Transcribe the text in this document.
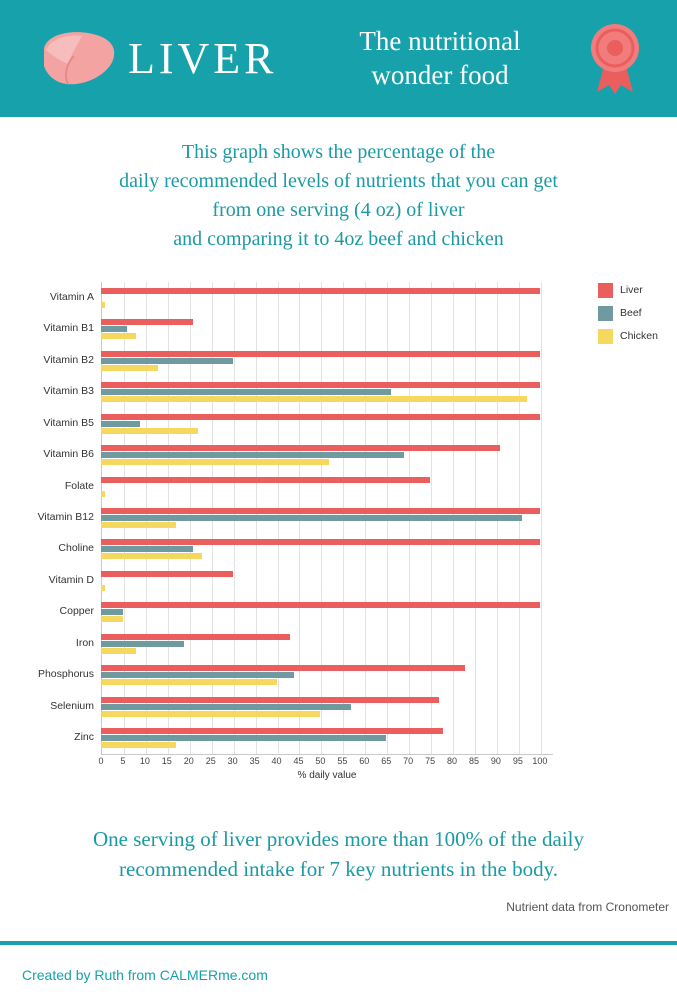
LIVER	The nutritional
wonder food
This graph shows the percentage of the
daily recommended levels of nutrients that you can get
from one serving (4 oz) of liver
and comparing it to 4oz beef and chicken
0 5 10 15 20 25 30 35 40 45 50 55 60 65 70 75 80 85 90 95 100
% daily value
Vitamin A
Vitamin B1
Vitamin B2
Vitamin B3
Vitamin B5
Vitamin B6
Folate
Vitamin B12
Choline
Vitamin D
Copper
Iron
Phosphorus
Selenium
Zinc
Liver
Beef
Chicken
One serving of liver provides more than 100% of the daily
recommended intake for 7 key nutrients in the body.
Nutrient data from Cronometer
Created by Ruth from CALMERme.com
